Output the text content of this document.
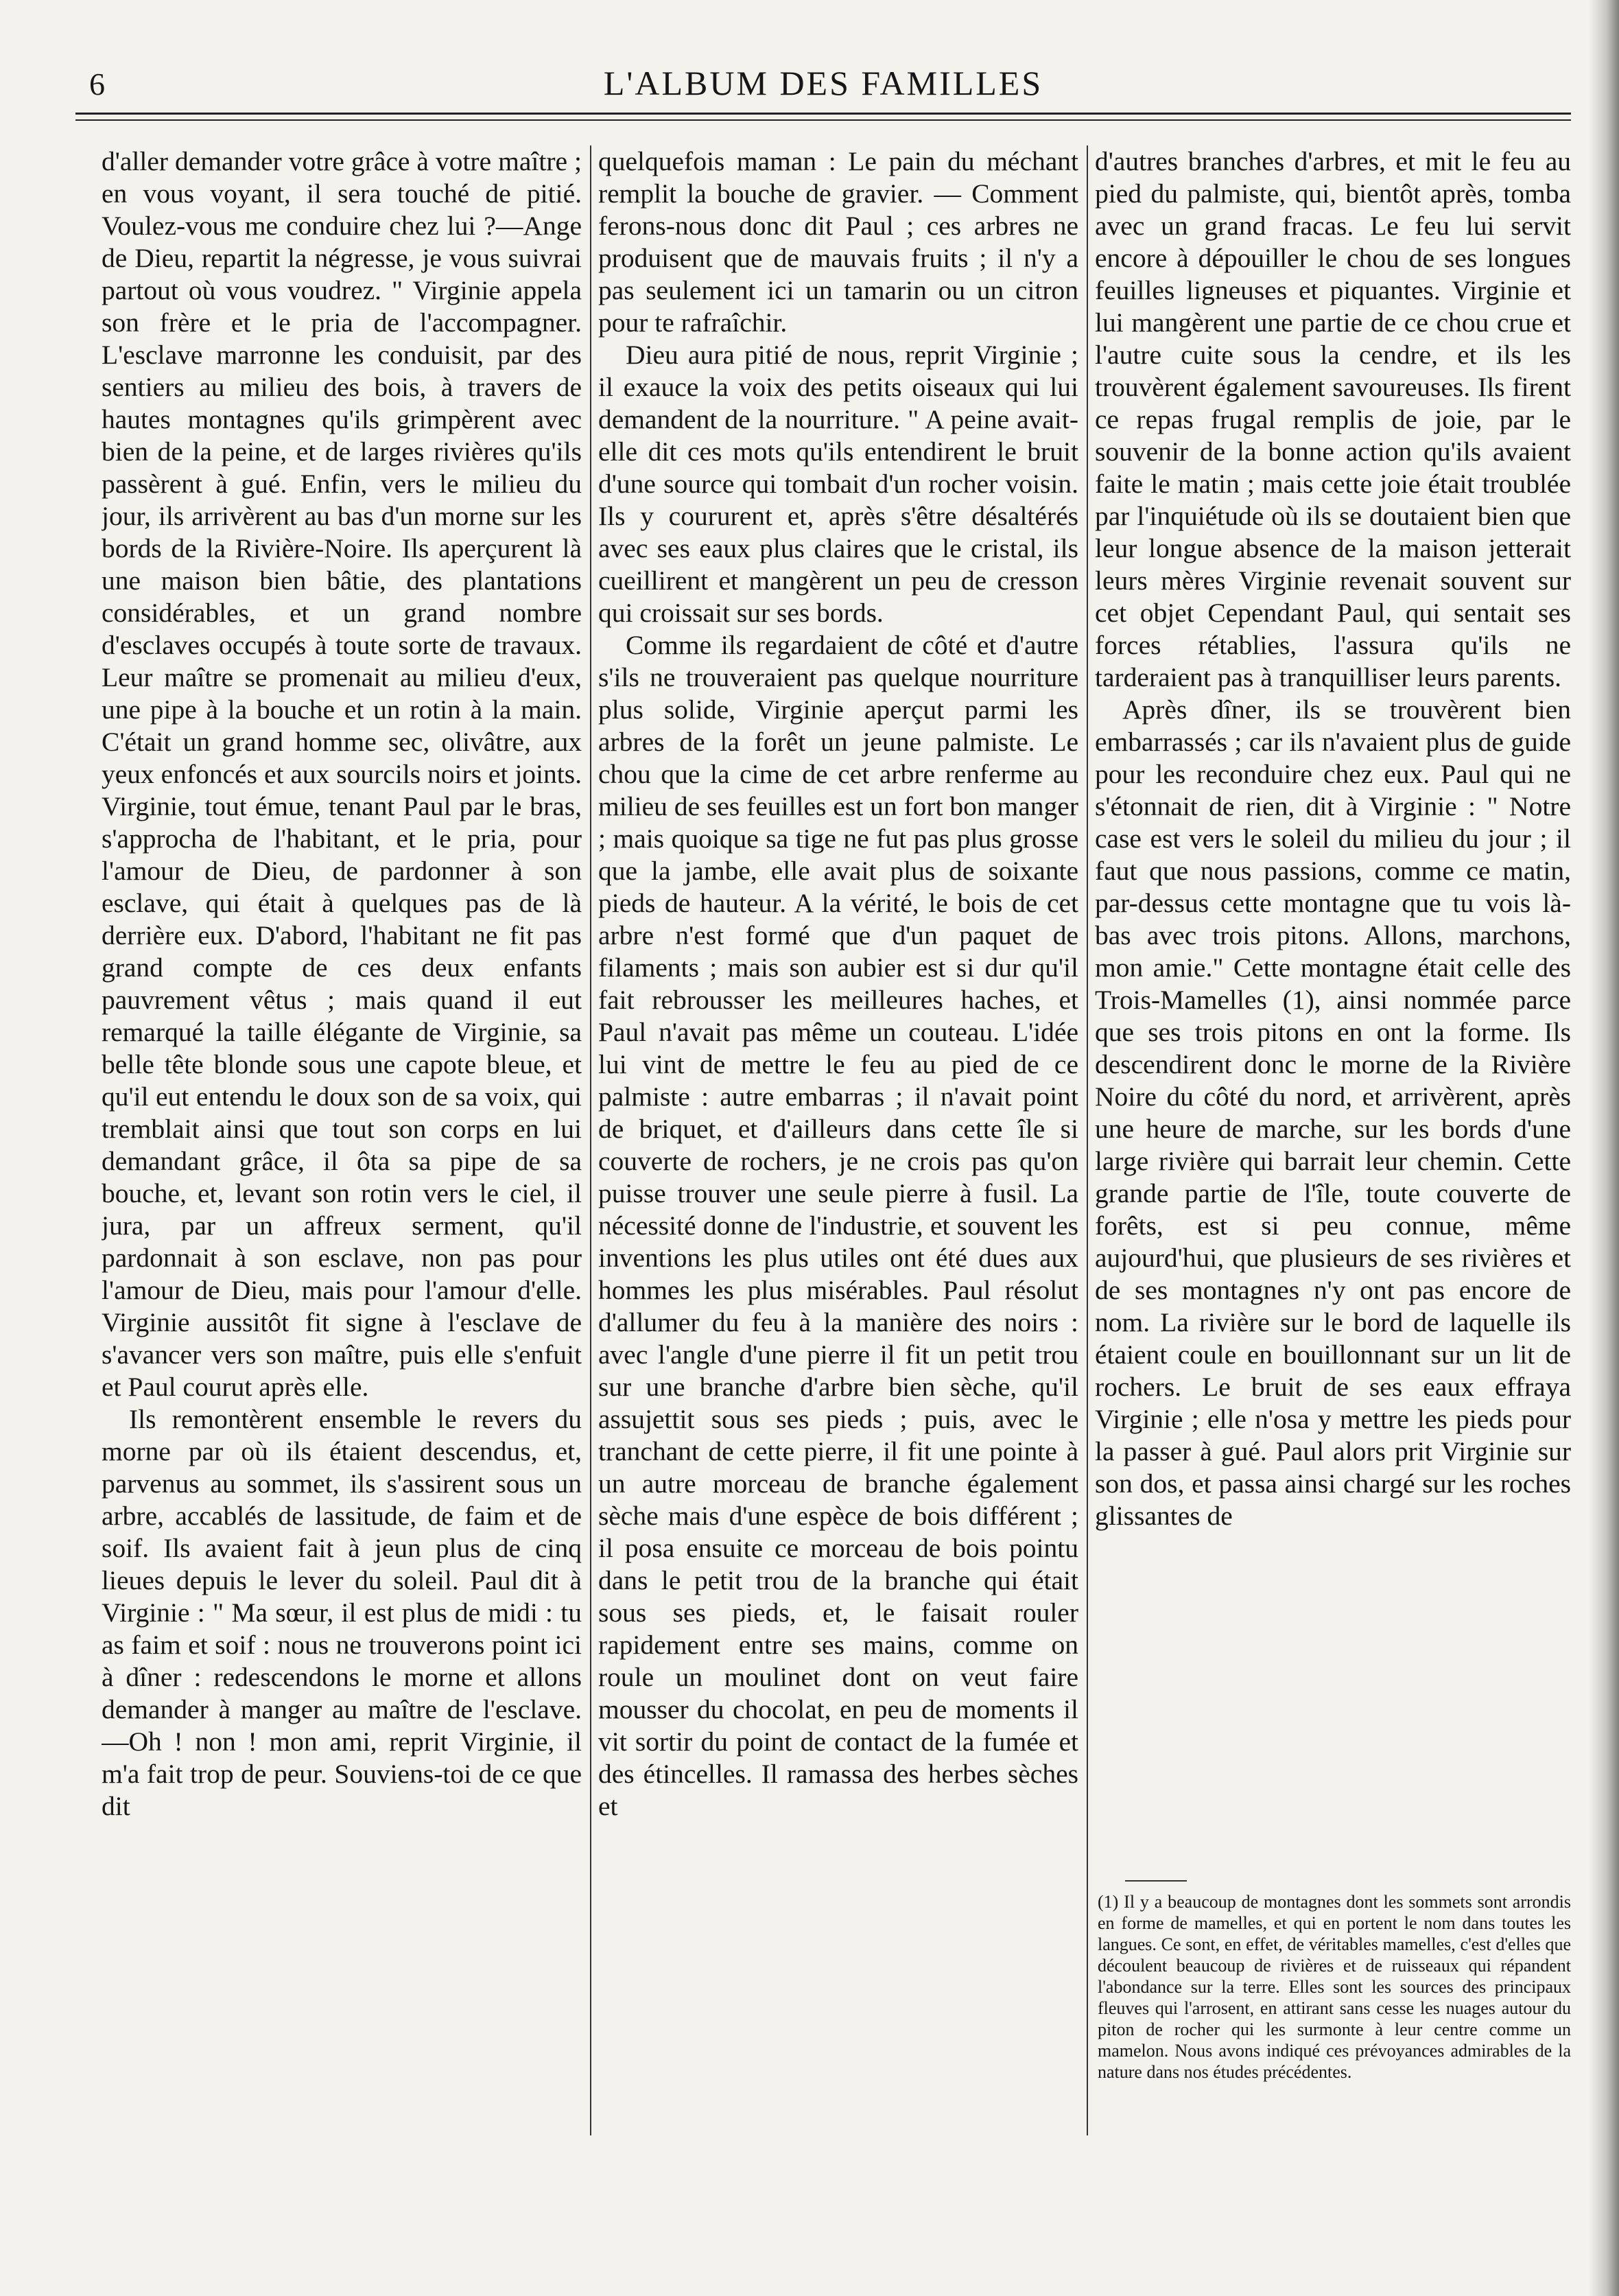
6	L'ALBUM DES FAMILLES

d'aller demander votre grâce à votre maître ; en vous voyant, il sera touché de pitié. Voulez-vous me conduire chez lui ?—Ange de Dieu, repartit la négresse, je vous suivrai partout où vous voudrez. " Virginie appela son frère et le pria de l'accompagner. L'esclave marronne les conduisit, par des sentiers au milieu des bois, à travers de hautes montagnes qu'ils grimpèrent avec bien de la peine, et de larges rivières qu'ils passèrent à gué. Enfin, vers le milieu du jour, ils arrivèrent au bas d'un morne sur les bords de la Rivière-Noire. Ils aperçurent là une maison bien bâtie, des plantations considérables, et un grand nombre d'esclaves occupés à toute sorte de travaux. Leur maître se promenait au milieu d'eux, une pipe à la bouche et un rotin à la main. C'était un grand homme sec, olivâtre, aux yeux enfoncés et aux sourcils noirs et joints. Virginie, tout émue, tenant Paul par le bras, s'approcha de l'habitant, et le pria, pour l'amour de Dieu, de pardonner à son esclave, qui était à quelques pas de là derrière eux. D'abord, l'habitant ne fit pas grand compte de ces deux enfants pauvrement vêtus ; mais quand il eut remarqué la taille élégante de Virginie, sa belle tête blonde sous une capote bleue, et qu'il eut entendu le doux son de sa voix, qui tremblait ainsi que tout son corps en lui demandant grâce, il ôta sa pipe de sa bouche, et, levant son rotin vers le ciel, il jura, par un affreux serment, qu'il pardonnait à son esclave, non pas pour l'amour de Dieu, mais pour l'amour d'elle. Virginie aussitôt fit signe à l'esclave de s'avancer vers son maître, puis elle s'enfuit et Paul courut après elle.

Ils remontèrent ensemble le revers du morne par où ils étaient descendus, et, parvenus au sommet, ils s'assirent sous un arbre, accablés de lassitude, de faim et de soif. Ils avaient fait à jeun plus de cinq lieues depuis le lever du soleil. Paul dit à Virginie : " Ma sœur, il est plus de midi : tu as faim et soif : nous ne trouverons point ici à dîner : redescendons le morne et allons demander à manger au maître de l'esclave.—Oh ! non ! mon ami, reprit Virginie, il m'a fait trop de peur. Souviens-toi de ce que dit

quelquefois maman : Le pain du méchant remplit la bouche de gravier. — Comment ferons-nous donc dit Paul ; ces arbres ne produisent que de mauvais fruits ; il n'y a pas seulement ici un tamarin ou un citron pour te rafraîchir.

Dieu aura pitié de nous, reprit Virginie ; il exauce la voix des petits oiseaux qui lui demandent de la nourriture. " A peine avait-elle dit ces mots qu'ils entendirent le bruit d'une source qui tombait d'un rocher voisin. Ils y coururent et, après s'être désaltérés avec ses eaux plus claires que le cristal, ils cueillirent et mangèrent un peu de cresson qui croissait sur ses bords.

Comme ils regardaient de côté et d'autre s'ils ne trouveraient pas quelque nourriture plus solide, Virginie aperçut parmi les arbres de la forêt un jeune palmiste. Le chou que la cime de cet arbre renferme au milieu de ses feuilles est un fort bon manger ; mais quoique sa tige ne fut pas plus grosse que la jambe, elle avait plus de soixante pieds de hauteur. A la vérité, le bois de cet arbre n'est formé que d'un paquet de filaments ; mais son aubier est si dur qu'il fait rebrousser les meilleures haches, et Paul n'avait pas même un couteau. L'idée lui vint de mettre le feu au pied de ce palmiste : autre embarras ; il n'avait point de briquet, et d'ailleurs dans cette île si couverte de rochers, je ne crois pas qu'on puisse trouver une seule pierre à fusil. La nécessité donne de l'industrie, et souvent les inventions les plus utiles ont été dues aux hommes les plus misérables. Paul résolut d'allumer du feu à la manière des noirs : avec l'angle d'une pierre il fit un petit trou sur une branche d'arbre bien sèche, qu'il assujettit sous ses pieds ; puis, avec le tranchant de cette pierre, il fit une pointe à un autre morceau de branche également sèche mais d'une espèce de bois différent ; il posa ensuite ce morceau de bois pointu dans le petit trou de la branche qui était sous ses pieds, et, le faisait rouler rapidement entre ses mains, comme on roule un moulinet dont on veut faire mousser du chocolat, en peu de moments il vit sortir du point de contact de la fumée et des étincelles. Il ramassa des herbes sèches et

d'autres branches d'arbres, et mit le feu au pied du palmiste, qui, bientôt après, tomba avec un grand fracas. Le feu lui servit encore à dépouiller le chou de ses longues feuilles ligneuses et piquantes. Virginie et lui mangèrent une partie de ce chou crue et l'autre cuite sous la cendre, et ils les trouvèrent également savoureuses. Ils firent ce repas frugal remplis de joie, par le souvenir de la bonne action qu'ils avaient faite le matin ; mais cette joie était troublée par l'inquiétude où ils se doutaient bien que leur longue absence de la maison jetterait leurs mères Virginie revenait souvent sur cet objet Cependant Paul, qui sentait ses forces rétablies, l'assura qu'ils ne tarderaient pas à tranquilliser leurs parents.

Après dîner, ils se trouvèrent bien embarrassés ; car ils n'avaient plus de guide pour les reconduire chez eux. Paul qui ne s'étonnait de rien, dit à Virginie : " Notre case est vers le soleil du milieu du jour ; il faut que nous passions, comme ce matin, par-dessus cette montagne que tu vois là-bas avec trois pitons. Allons, marchons, mon amie." Cette montagne était celle des Trois-Mamelles (1), ainsi nommée parce que ses trois pitons en ont la forme. Ils descendirent donc le morne de la Rivière Noire du côté du nord, et arrivèrent, après une heure de marche, sur les bords d'une large rivière qui barrait leur chemin. Cette grande partie de l'île, toute couverte de forêts, est si peu connue, même aujourd'hui, que plusieurs de ses rivières et de ses montagnes n'y ont pas encore de nom. La rivière sur le bord de laquelle ils étaient coule en bouillonnant sur un lit de rochers. Le bruit de ses eaux effraya Virginie ; elle n'osa y mettre les pieds pour la passer à gué. Paul alors prit Virginie sur son dos, et passa ainsi chargé sur les roches glissantes de

(1) Il y a beaucoup de montagnes dont les sommets sont arrondis en forme de mamelles, et qui en portent le nom dans toutes les langues. Ce sont, en effet, de véritables mamelles, c'est d'elles que découlent beaucoup de rivières et de ruisseaux qui répandent l'abondance sur la terre. Elles sont les sources des principaux fleuves qui l'arrosent, en attirant sans cesse les nuages autour du piton de rocher qui les surmonte à leur centre comme un mamelon. Nous avons indiqué ces prévoyances admirables de la nature dans nos études précédentes.
